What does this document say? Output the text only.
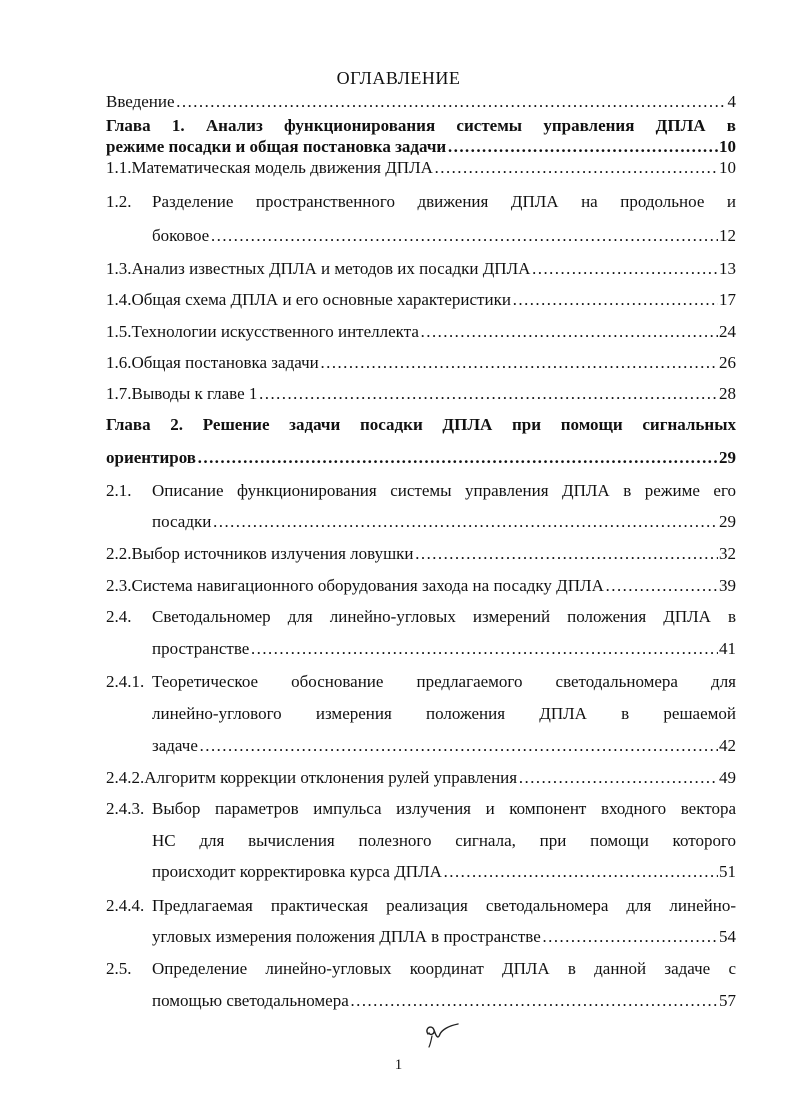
ОГЛАВЛЕНИЕ
Введение ………………………………………………………………………………………………………………………………………………………………………………………………………………	4
Глава 1. Анализ функционирования системы управления ДПЛА в
режиме посадки и общая постановка задачи ………………………………………………………………………………………………………………………………………………………………………………………………………………	10
1.1. Математическая модель движения ДПЛА ………………………………………………………………………………………………………………………………………………………………………………………………………………	10
1.2.	Разделение пространственного движения ДПЛА на продольное и
боковое ………………………………………………………………………………………………………………………………………………………………………………………………………………	12
1.3. Анализ известных ДПЛА и методов их посадки ДПЛА ………………………………………………………………………………………………………………………………………………………………………………………………………………	13
1.4. Общая схема ДПЛА и его основные характеристики ………………………………………………………………………………………………………………………………………………………………………………………………………………	17
1.5. Технологии искусственного интеллекта ………………………………………………………………………………………………………………………………………………………………………………………………………………	24
1.6. Общая постановка задачи ………………………………………………………………………………………………………………………………………………………………………………………………………………	26
1.7. Выводы к главе 1 ………………………………………………………………………………………………………………………………………………………………………………………………………………	28
Глава 2. Решение задачи посадки ДПЛА при помощи сигнальных
ориентиров ………………………………………………………………………………………………………………………………………………………………………………………………………………	29
2.1.	Описание функционирования системы управления ДПЛА в режиме его
посадки ………………………………………………………………………………………………………………………………………………………………………………………………………………	29
2.2. Выбор источников излучения ловушки ………………………………………………………………………………………………………………………………………………………………………………………………………………	32
2.3. Система навигационного оборудования захода на посадку ДПЛА ………………………………………………………………………………………………………………………………………………………………………………………………………………	39
2.4.	Светодальномер для линейно-угловых измерений положения ДПЛА в
пространстве ………………………………………………………………………………………………………………………………………………………………………………………………………………	41
2.4.1. Теоретическое обоснование предлагаемого светодальномера для
линейно-углового измерения положения ДПЛА в решаемой
задаче ………………………………………………………………………………………………………………………………………………………………………………………………………………	42
2.4.2. Алгоритм коррекции отклонения рулей управления ………………………………………………………………………………………………………………………………………………………………………………………………………………	49
2.4.3. Выбор параметров импульса излучения и компонент входного вектора
НС для вычисления полезного сигнала, при помощи которого
происходит корректировка курса ДПЛА ………………………………………………………………………………………………………………………………………………………………………………………………………………	51
2.4.4. Предлагаемая практическая реализация светодальномера для линейно-
угловых измерения положения ДПЛА в пространстве ………………………………………………………………………………………………………………………………………………………………………………………………………………	54
2.5.	Определение линейно-угловых координат ДПЛА в данной задаче с
помощью светодальномера ………………………………………………………………………………………………………………………………………………………………………………………………………………	57
1
